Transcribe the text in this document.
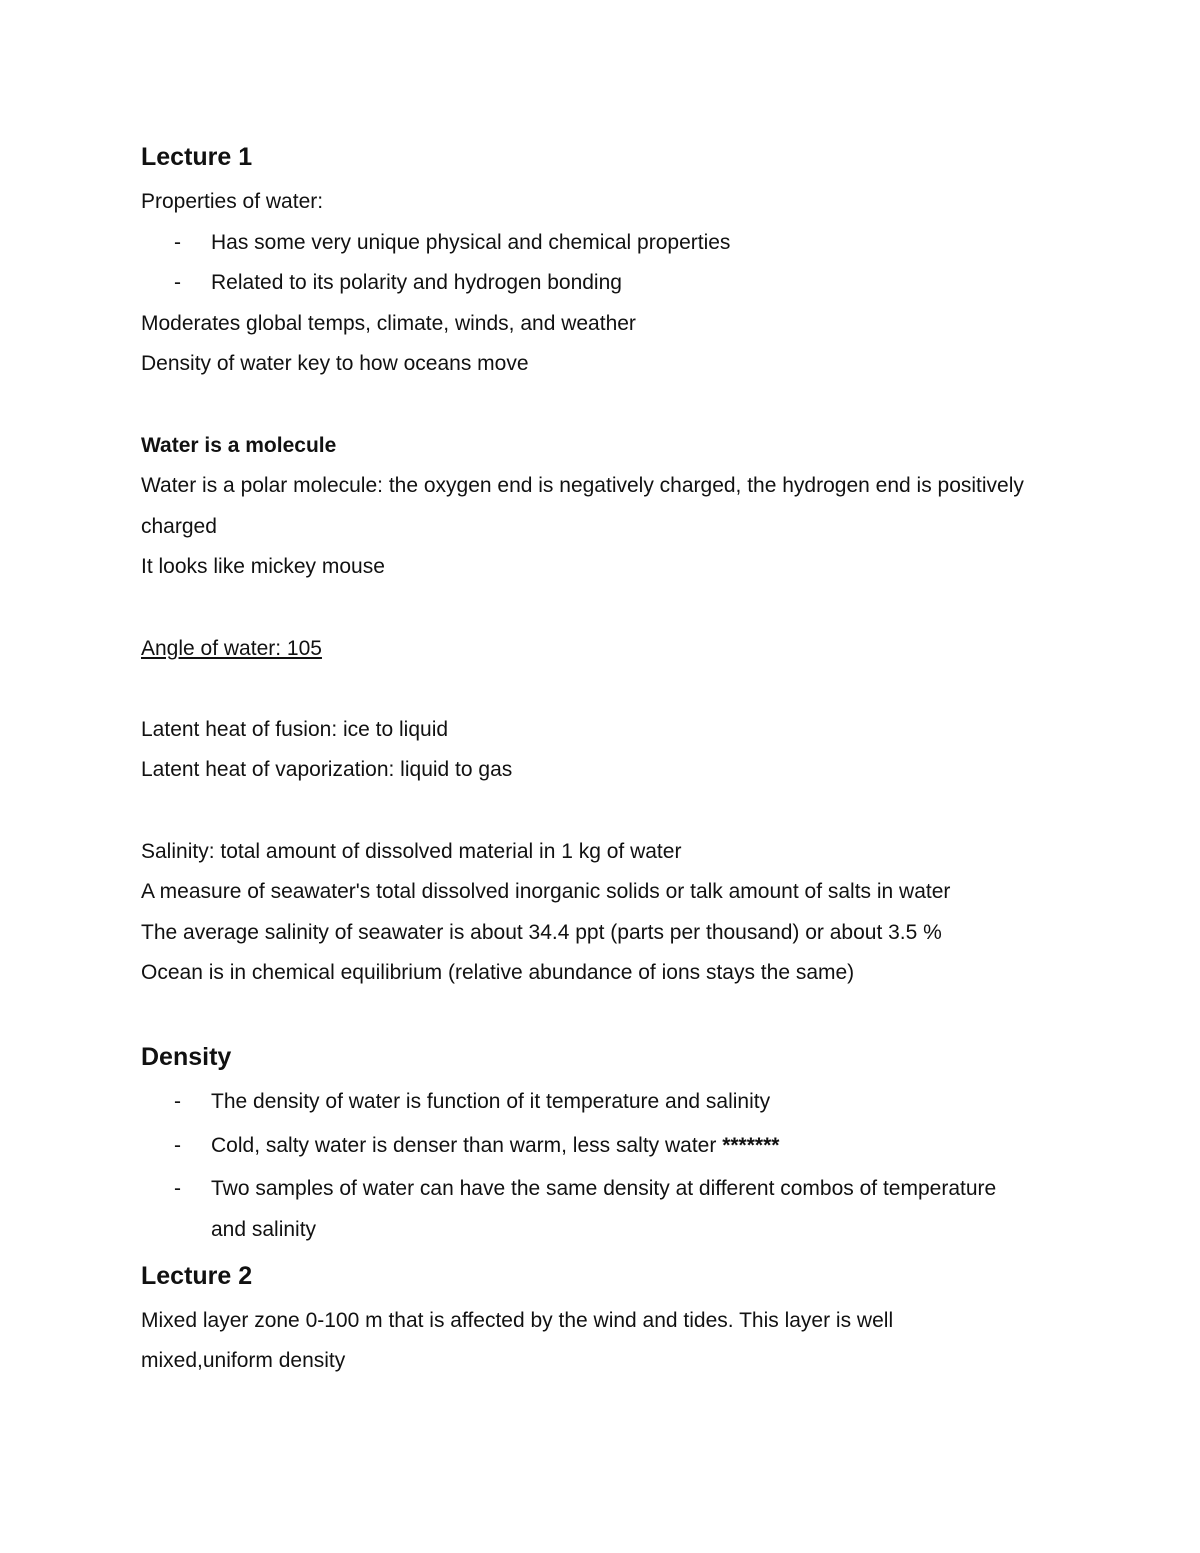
Lecture 1
Properties of water:
- Has some very unique physical and chemical properties
- Related to its polarity and hydrogen bonding
Moderates global temps, climate, winds, and weather
Density of water key to how oceans move
Water is a molecule
Water is a polar molecule: the oxygen end is negatively charged, the hydrogen end is positively charged
It looks like mickey mouse
Angle of water: 105
Latent heat of fusion: ice to liquid
Latent heat of vaporization: liquid to gas
Salinity: total amount of dissolved material in 1 kg of water
A measure of seawater's total dissolved inorganic solids or talk amount of salts in water
The average salinity of seawater is about 34.4 ppt (parts per thousand) or about 3.5 %
Ocean is in chemical equilibrium (relative abundance of ions stays the same)
Density
- The density of water is function of it temperature and salinity
- Cold, salty water is denser than warm, less salty water *******
- Two samples of water can have the same density at different combos of temperature and salinity
Lecture 2
Mixed layer zone 0-100 m that is affected by the wind and tides. This layer is well mixed,uniform density
